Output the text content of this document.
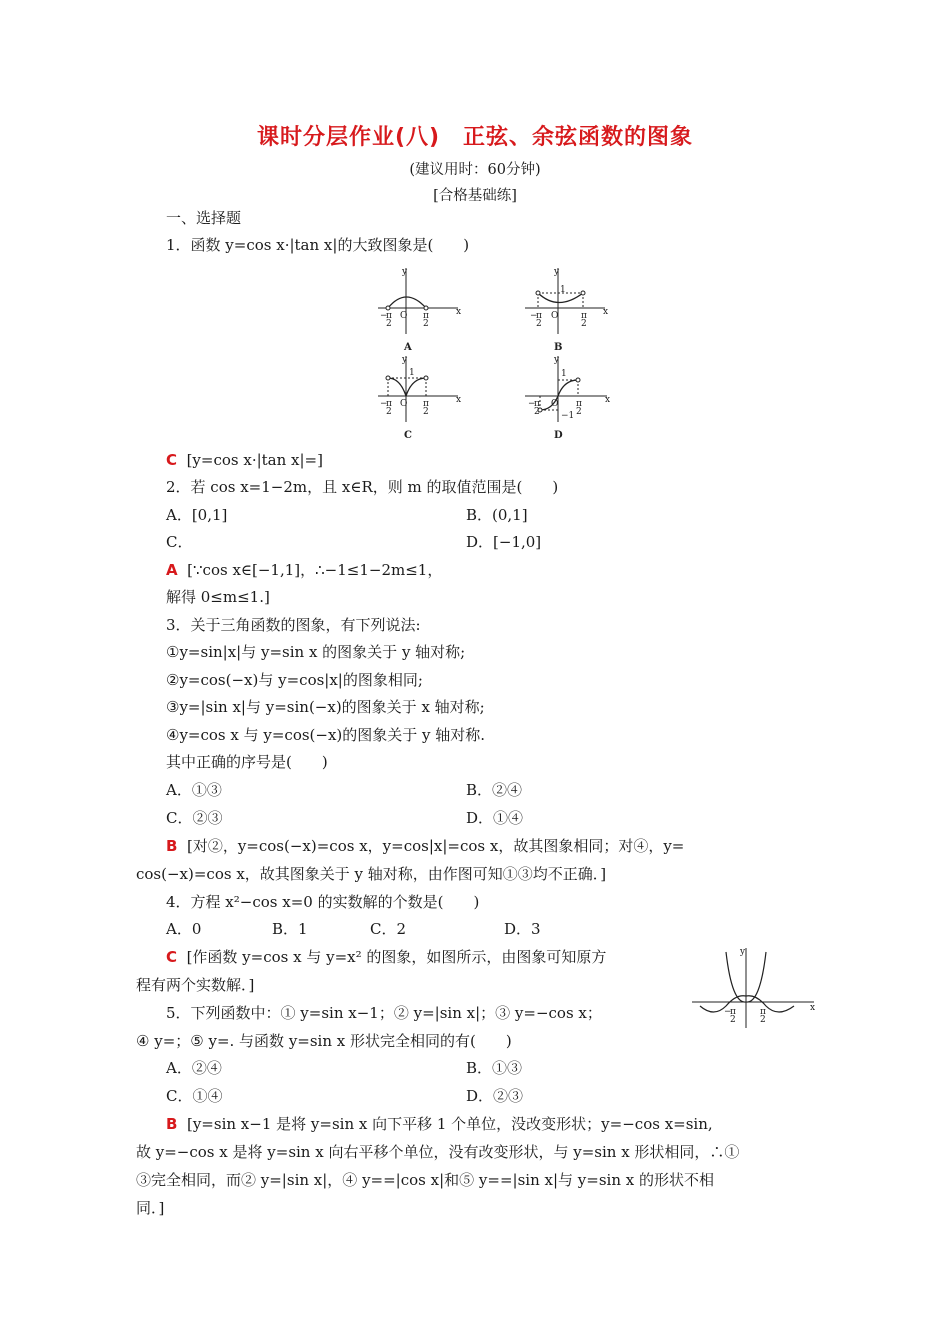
课时分层作业(八)　正弦、余弦函数的图象
(建议用时：60分钟)
[合格基础练]
一、选择题
1．函数 y=cos x·|tan x|的大致图象是(　　)
y
x
O
y
x
O
y
x
O
y
x
O
1
−1
1
1
−
π
2
π
2
−
π
2
π
2
−
π
2
π
2
−
π
2
π
2
A	B
C	D
C [y=cos x·|tan x|=]
2．若 cos x=1−2m，且 x∈R，则 m 的取值范围是(　　)
A．[0,1]	B．(0,1]
C．	D．[−1,0]
A [∵cos x∈[−1,1]，∴−1≤1−2m≤1，
解得 0≤m≤1.]
3．关于三角函数的图象，有下列说法:
①y=sin|x|与 y=sin x 的图象关于 y 轴对称;
②y=cos(−x)与 y=cos|x|的图象相同;
③y=|sin x|与 y=sin(−x)的图象关于 x 轴对称;
④y=cos x 与 y=cos(−x)的图象关于 y 轴对称.
其中正确的序号是(　　)
A．①③	B．②④
C．②③	D．①④
B [对②，y=cos(−x)=cos x，y=cos|x|=cos x，故其图象相同；对④，y=
cos(−x)=cos x，故其图象关于 y 轴对称，由作图可知①③均不正确．]
4．方程 x²−cos x=0 的实数解的个数是(　　)
A．0	B．1	C．2	D．3
C [作函数 y=cos x 与 y=x² 的图象，如图所示，由图象可知原方
程有两个实数解．]
y
x
−
π
2
π
2
5．下列函数中：① y=sin x−1；② y=|sin x|；③ y=−cos x；
④ y=；⑤ y=. 与函数 y=sin x 形状完全相同的有(　　)
A．②④	B．①③
C．①④	D．②③
B [y=sin x−1 是将 y=sin x 向下平移 1 个单位，没改变形状；y=−cos x=sin,
故 y=−cos x 是将 y=sin x 向右平移个单位，没有改变形状，与 y=sin x 形状相同，∴①
③完全相同，而② y=|sin x|，④ y==|cos x|和⑤ y==|sin x|与 y=sin x 的形状不相
同．]
